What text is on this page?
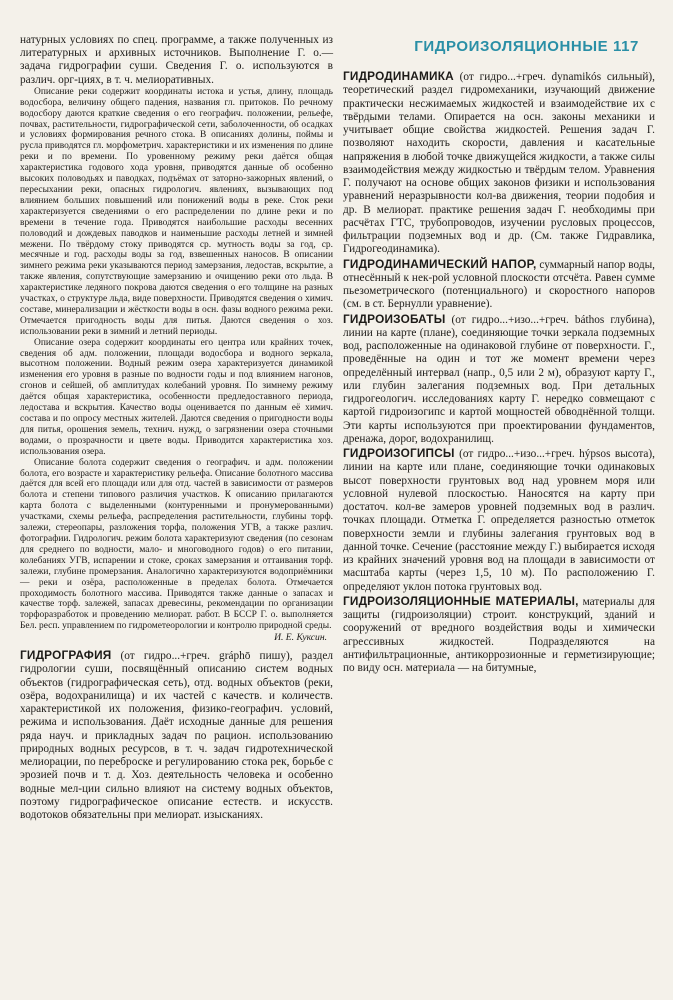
ГИДРОИЗОЛЯЦИОННЫЕ 117

натурных условиях по спец. программе, а также полученных из литературных и архивных источников. Выполнение Г. о.— задача гидрографии суши. Сведения Г. о. используются в различ. орг-циях, в т. ч. мелиоративных.

Описание реки содержит координаты истока и устья, длину, площадь водосбора, величину общего падения, названия гл. притоков. По речному водосбору даются краткие сведения о его географич. положении, рельефе, почвах, растительности, гидрографической сети, заболоченности, об осадках и условиях формирования речного стока. В описаниях долины, поймы и русла приводятся гл. морфометрич. характеристики и их изменения по длине реки и по времени. По уровенному режиму реки даётся общая характеристика годового хода уровня, приводятся данные об особенно высоких половодьях и паводках, подъёмах от заторно-зажорных явлений, о пересыхании реки, опасных гидрологич. явлениях, вызывающих под влиянием больших повышений или понижений воды в реке. Сток реки характеризуется сведениями о его распределении по длине реки и по времени в течение года. Приводятся наибольшие расходы весенних половодий и дождевых паводков и наименьшие расходы летней и зимней межени. По твёрдому стоку приводятся ср. мутность воды за год, ср. месячные и год. расходы воды за год, взвешенных наносов. В описании зимнего режима реки указываются период замерзания, ледостав, вскрытие, а также явления, сопутствующие замерзанию и очищению реки ото льда. В характеристике ледяного покрова даются сведения о его толщине на разных участках, о структуре льда, виде поверхности. Приводятся сведения о химич. составе, минерализации и жёсткости воды в осн. фазы водного режима реки. Отмечается пригодность воды для питья. Даются сведения о хоз. использовании реки в зимний и летний периоды.

Описание озера содержит координаты его центра или крайних точек, сведения об адм. положении, площади водосбора и водного зеркала, высотном положении. Водный режим озера характеризуется динамикой изменения его уровня в разные по водности годы и под влиянием нагонов, сгонов и сейшей, об амплитудах колебаний уровня. По зимнему режиму даётся общая характеристика, особенности предледоставного периода, ледостава и вскрытия. Качество воды оценивается по данным её химич. состава и по опросу местных жителей. Даются сведения о пригодности воды для питья, орошения земель, технич. нужд, о загрязнении озера сточными водами, о прозрачности и цвете воды. Приводится характеристика хоз. использования озера.

Описание болота содержит сведения о географич. и адм. положении болота, его возрасте и характеристику рельефа. Описание болотного массива даётся для всей его площади или для отд. частей в зависимости от размеров болота и степени типового различия участков. К описанию прилагаются карта болота с выделенными (контуренными и пронумерованными) участками, схемы рельефа, распределения растительности, глубины торф. залежи, стереопары, разложения торфа, положения УГВ, а также различ. фотографии. Гидрологич. режим болота характеризуют сведения (по сезонам для среднего по водности, мало- и многоводного годов) о его питании, колебаниях УГВ, испарении и стоке, сроках замерзания и оттаивания торф. залежи, глубине промерзания. Аналогично характеризуются водоприёмники — реки и озёра, расположенные в пределах болота. Отмечается проходимость болотного массива. Приводятся также данные о запасах и качестве торф. залежей, запасах древесины, рекомендации по организации торфоразработок и проведению мелиорат. работ. В БССР Г. о. выполняется Бел. респ. управлением по гидрометеорологии и контролю природной среды.

И. Е. Куксин.

ГИДРОГРАФИЯ (от гидро...+греч. gráphō пишу), раздел гидрологии суши, посвящённый описанию систем водных объектов (гидрографическая сеть), отд. водных объектов (реки, озёра, водохранилища) и их частей с качеств. и количеств. характеристикой их положения, физико-географич. условий, режима и использования. Даёт исходные данные для решения ряда науч. и прикладных задач по рацион. использованию природных водных ресурсов, в т. ч. задач гидротехнической мелиорации, по переброске и регулированию стока рек, борьбе с эрозией почв и т. д. Хоз. деятельность человека и особенно водные мел-ции сильно влияют на систему водных объектов, поэтому гидрографическое описание естеств. и искусств. водотоков обязательны при мелиорат. изысканиях.

ГИДРОДИНАМИКА (от гидро...+греч. dynamikós сильный), теоретический раздел гидромеханики, изучающий движение практически несжимаемых жидкостей и взаимодействие их с твёрдыми телами. Опирается на осн. законы механики и учитывает общие свойства жидкостей. Решения задач Г. позволяют находить скорости, давления и касательные напряжения в любой точке движущейся жидкости, а также силы взаимодействия между жидкостью и твёрдым телом. Уравнения Г. получают на основе общих законов физики и использования уравнений неразрывности кол-ва движения, теории подобия и др. В мелиорат. практике решения задач Г. необходимы при расчётах ГТС, трубопроводов, изучении русловых процессов, фильтрации подземных вод и др. (См. также Гидравлика, Гидрогеодинамика).

ГИДРОДИНАМИЧЕСКИЙ НАПОР, суммарный напор воды, отнесённый к нек-рой условной плоскости отсчёта. Равен сумме пьезометрического (потенциального) и скоростного напоров (см. в ст. Бернулли уравнение).

ГИДРОИЗОБАТЫ (от гидро...+изо...+греч. báthos глубина), линии на карте (плане), соединяющие точки зеркала подземных вод, расположенные на одинаковой глубине от поверхности. Г., проведённые на один и тот же момент времени через определённый интервал (напр., 0,5 или 2 м), образуют карту Г., или глубин залегания подземных вод. При детальных гидрогеологич. исследованиях карту Г. нередко совмещают с картой гидроизогипс и картой мощностей обводнённой толщи. Эти карты используются при проектировании фундаментов, дренажа, дорог, водохранилищ.

ГИДРОИЗОГИПСЫ (от гидро...+изо...+греч. hýpsos высота), линии на карте или плане, соединяющие точки одинаковых высот поверхности грунтовых вод над уровнем моря или условной нулевой плоскостью. Наносятся на карту при достаточ. кол-ве замеров уровней подземных вод в различ. точках площади. Отметка Г. определяется разностью отметок поверхности земли и глубины залегания грунтовых вод в данной точке. Сечение (расстояние между Г.) выбирается исходя из крайних значений уровня вод на площади в зависимости от масштаба карты (через 1,5, 10 м). По расположению Г. определяют уклон потока грунтовых вод.

ГИДРОИЗОЛЯЦИОННЫЕ МАТЕРИАЛЫ, материалы для защиты (гидроизоляции) строит. конструкций, зданий и сооружений от вредного воздействия воды и химически агрессивных жидкостей. Подразделяются на антифильтрационные, антикоррозионные и герметизирующие; по виду осн. материала — на битумные,
